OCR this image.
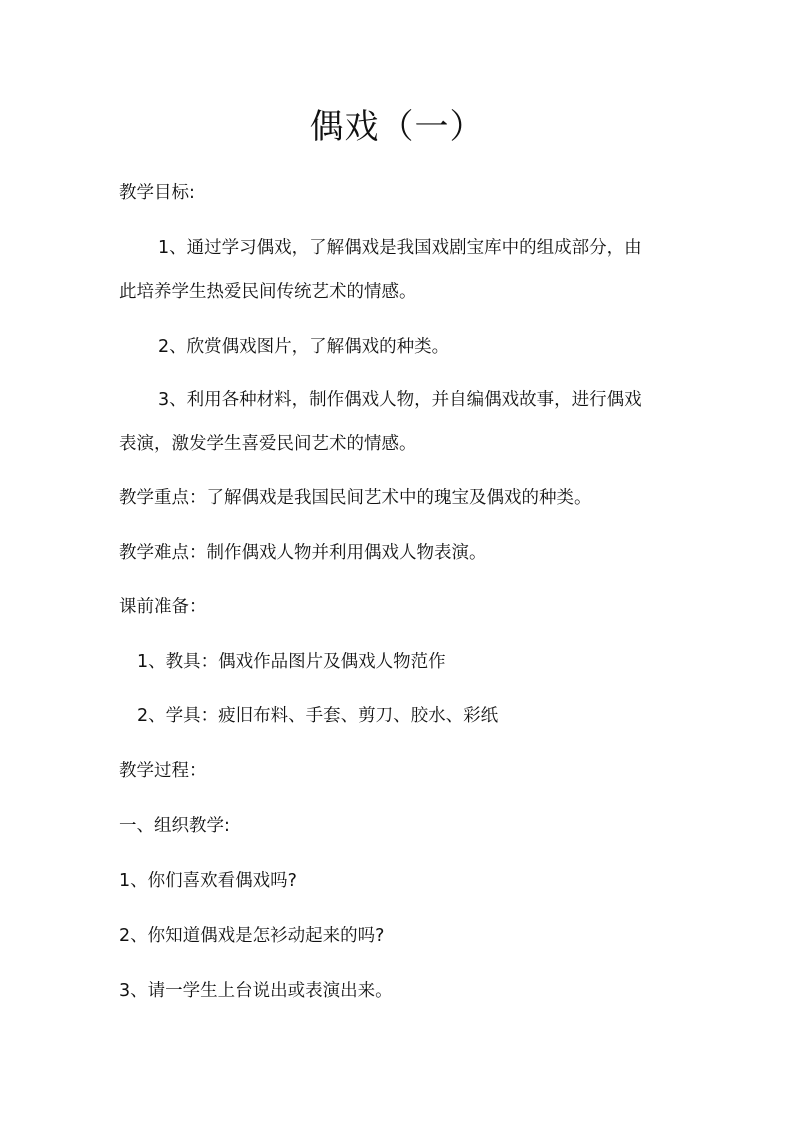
偶戏（一）
教学目标:
1、通过学习偶戏，了解偶戏是我国戏剧宝库中的组成部分，由
此培养学生热爱民间传统艺术的情感。
2、欣赏偶戏图片，了解偶戏的种类。
3、利用各种材料，制作偶戏人物，并自编偶戏故事，进行偶戏
表演，激发学生喜爱民间艺术的情感。
教学重点：了解偶戏是我国民间艺术中的瑰宝及偶戏的种类。
教学难点：制作偶戏人物并利用偶戏人物表演。
课前准备：
1、教具：偶戏作品图片及偶戏人物范作
2、学具：疲旧布料、手套、剪刀、胶水、彩纸
教学过程：
一、组织教学:
1、你们喜欢看偶戏吗?
2、你知道偶戏是怎衫动起来的吗?
3、请一学生上台说出或表演出来。
